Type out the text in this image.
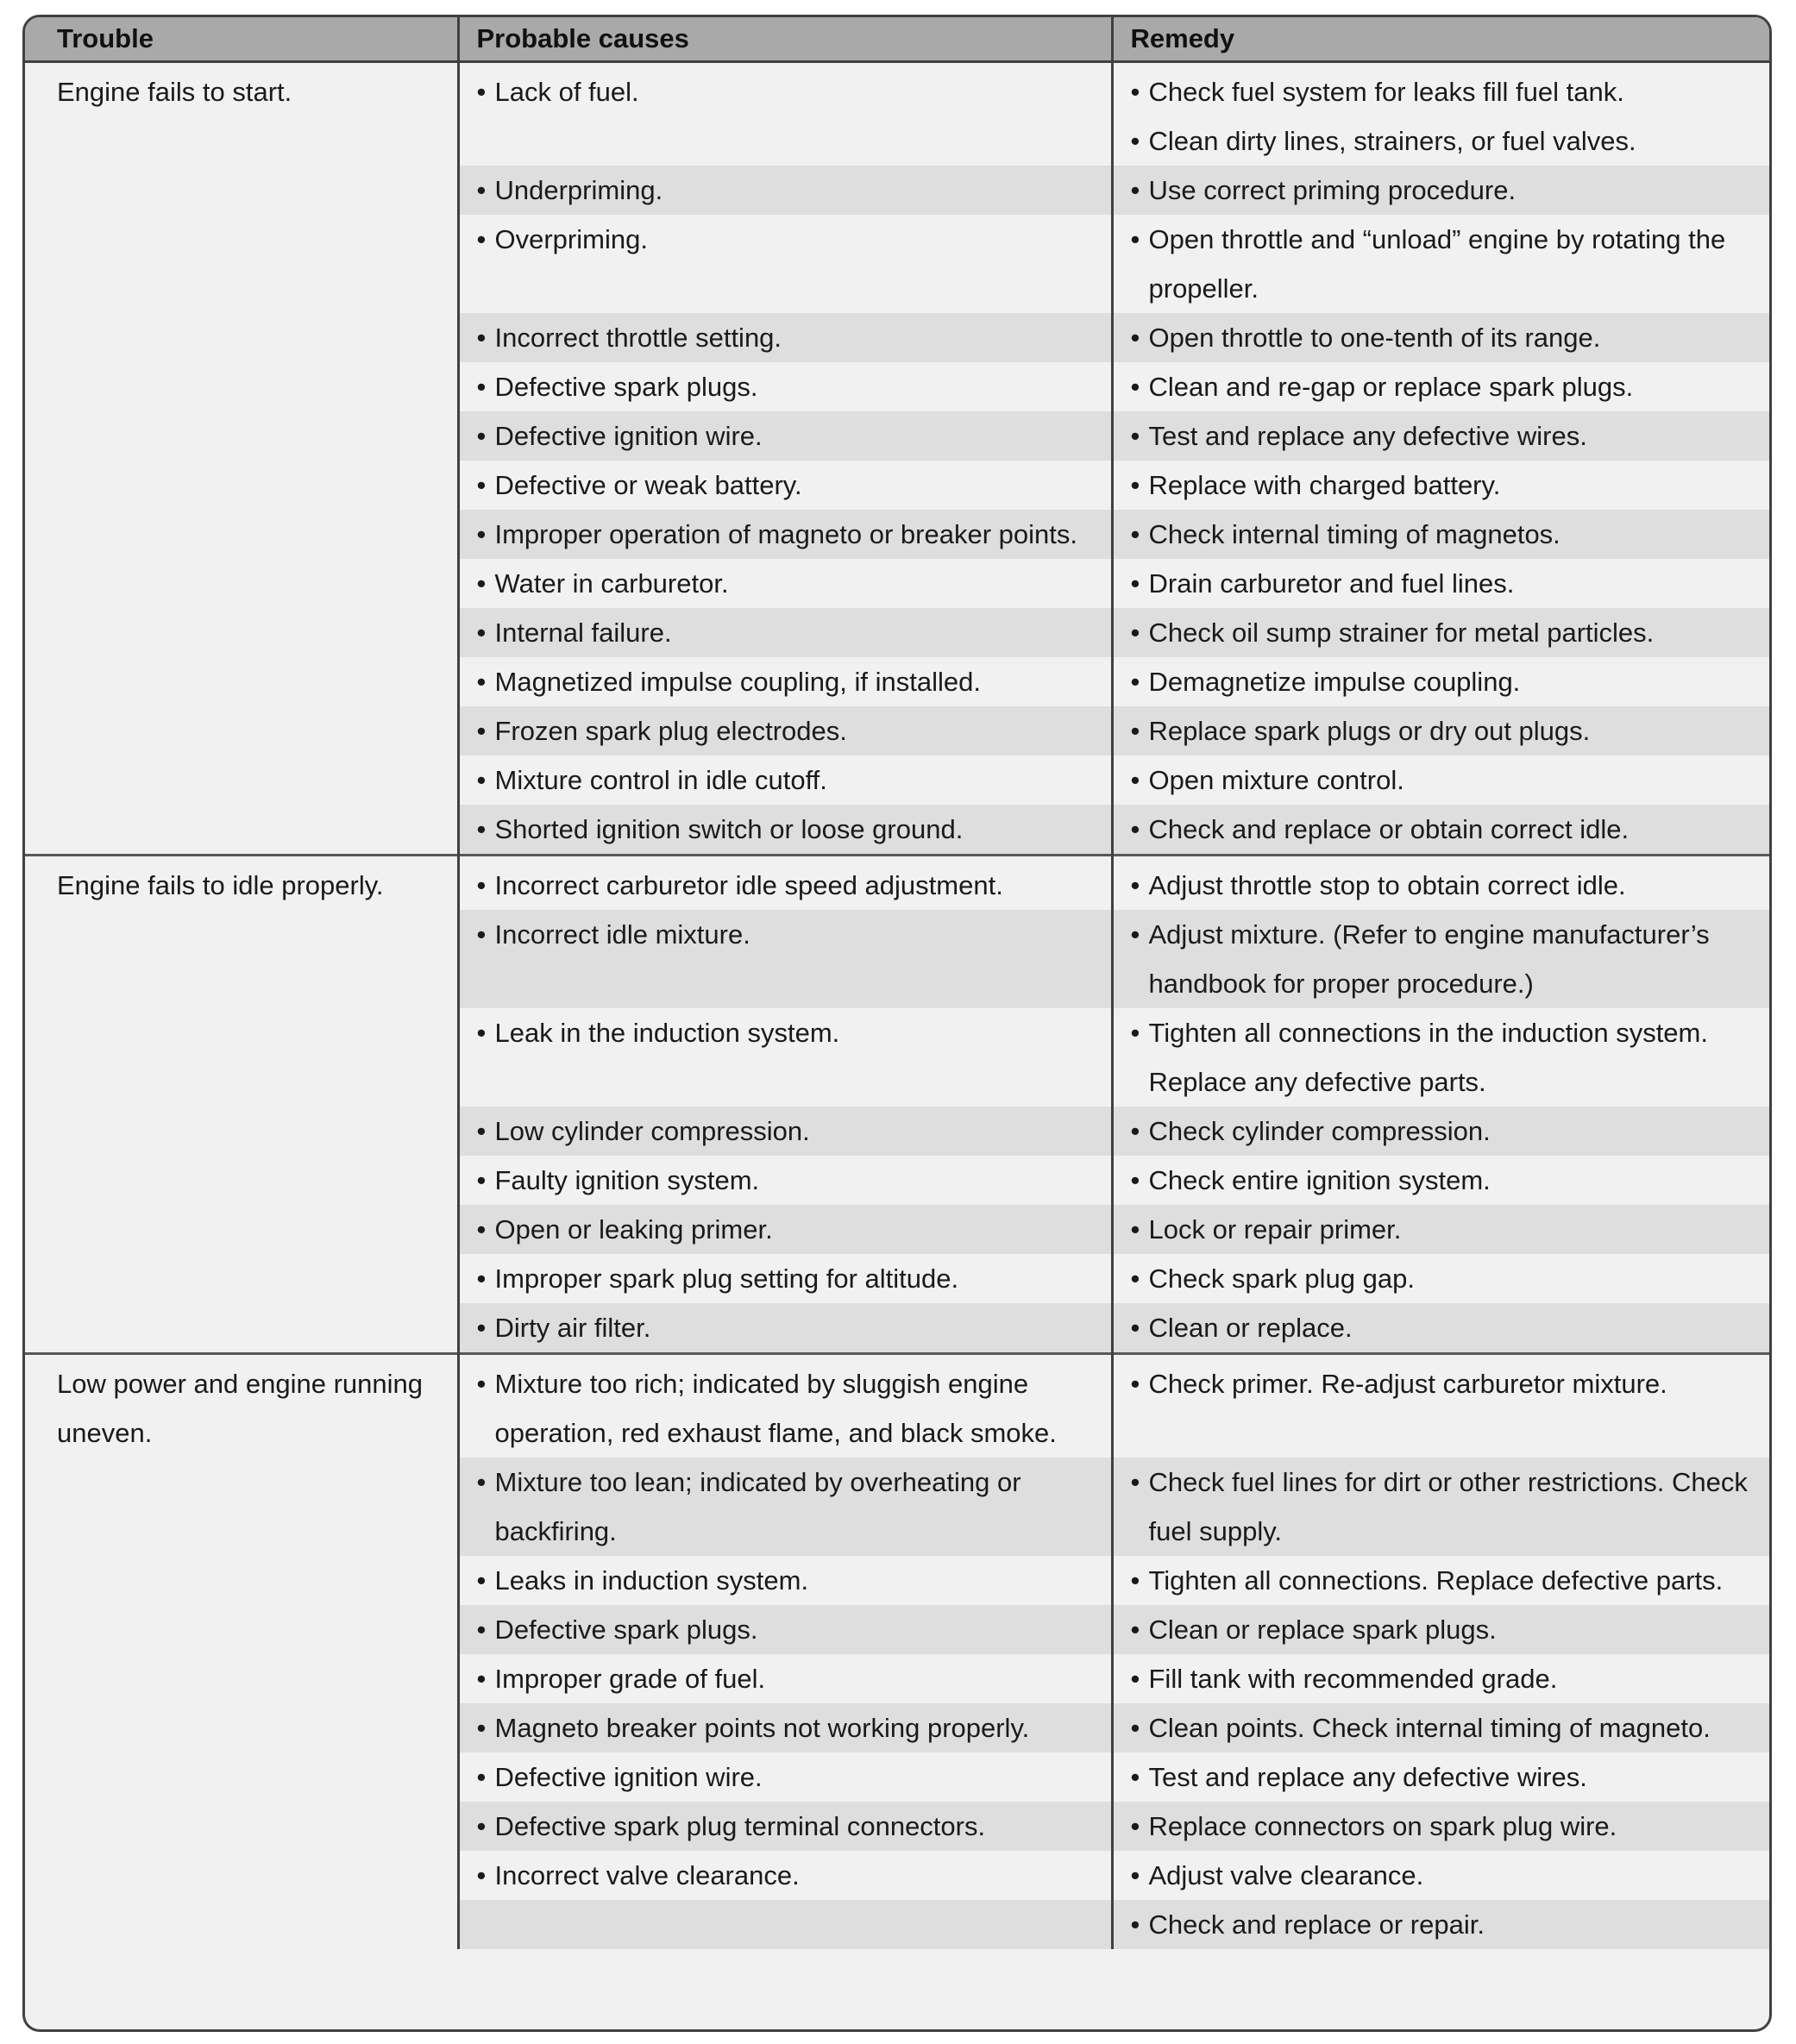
Trouble	Probable causes	Remedy
Engine fails to start.	• Lack of fuel.	• Check fuel system for leaks fill fuel tank.
• Clean dirty lines, strainers, or fuel valves.

	• Underpriming.	• Use correct priming procedure.

	• Overpriming.	• Open throttle and “unload” engine by rotating the propeller.

	• Incorrect throttle setting.	• Open throttle to one-tenth of its range.

	• Defective spark plugs.	• Clean and re-gap or replace spark plugs.

	• Defective ignition wire.	• Test and replace any defective wires.

	• Defective or weak battery.	• Replace with charged battery.

	• Improper operation of magneto or breaker points.	• Check internal timing of magnetos.

	• Water in carburetor.	• Drain carburetor and fuel lines.

	• Internal failure.	• Check oil sump strainer for metal particles.

	• Magnetized impulse coupling, if installed.	• Demagnetize impulse coupling.

	• Frozen spark plug electrodes.	• Replace spark plugs or dry out plugs.

	• Mixture control in idle cutoff.	• Open mixture control.

	• Shorted ignition switch or loose ground.	• Check and replace or obtain correct idle.

Engine fails to idle properly.	• Incorrect carburetor idle speed adjustment.	• Adjust throttle stop to obtain correct idle.

	• Incorrect idle mixture.	• Adjust mixture. (Refer to engine manufacturer’s handbook for proper procedure.)

	• Leak in the induction system.	• Tighten all connections in the induction system. Replace any defective parts.

	• Low cylinder compression.	• Check cylinder compression.

	• Faulty ignition system.	• Check entire ignition system.

	• Open or leaking primer.	• Lock or repair primer.

	• Improper spark plug setting for altitude.	• Check spark plug gap.

	• Dirty air filter.	• Clean or replace.

Low power and engine running uneven.	• Mixture too rich; indicated by sluggish engine operation, red exhaust flame, and black smoke.	• Check primer. Re-adjust carburetor mixture.

	• Mixture too lean; indicated by overheating or backfiring.	• Check fuel lines for dirt or other restrictions. Check fuel supply.

	• Leaks in induction system.	• Tighten all connections. Replace defective parts.

	• Defective spark plugs.	• Clean or replace spark plugs.

	• Improper grade of fuel.	• Fill tank with recommended grade.

	• Magneto breaker points not working properly.	• Clean points. Check internal timing of magneto.

	• Defective ignition wire.	• Test and replace any defective wires.

	• Defective spark plug terminal connectors.	• Replace connectors on spark plug wire.

	• Incorrect valve clearance.	• Adjust valve clearance.

		• Check and replace or repair.
